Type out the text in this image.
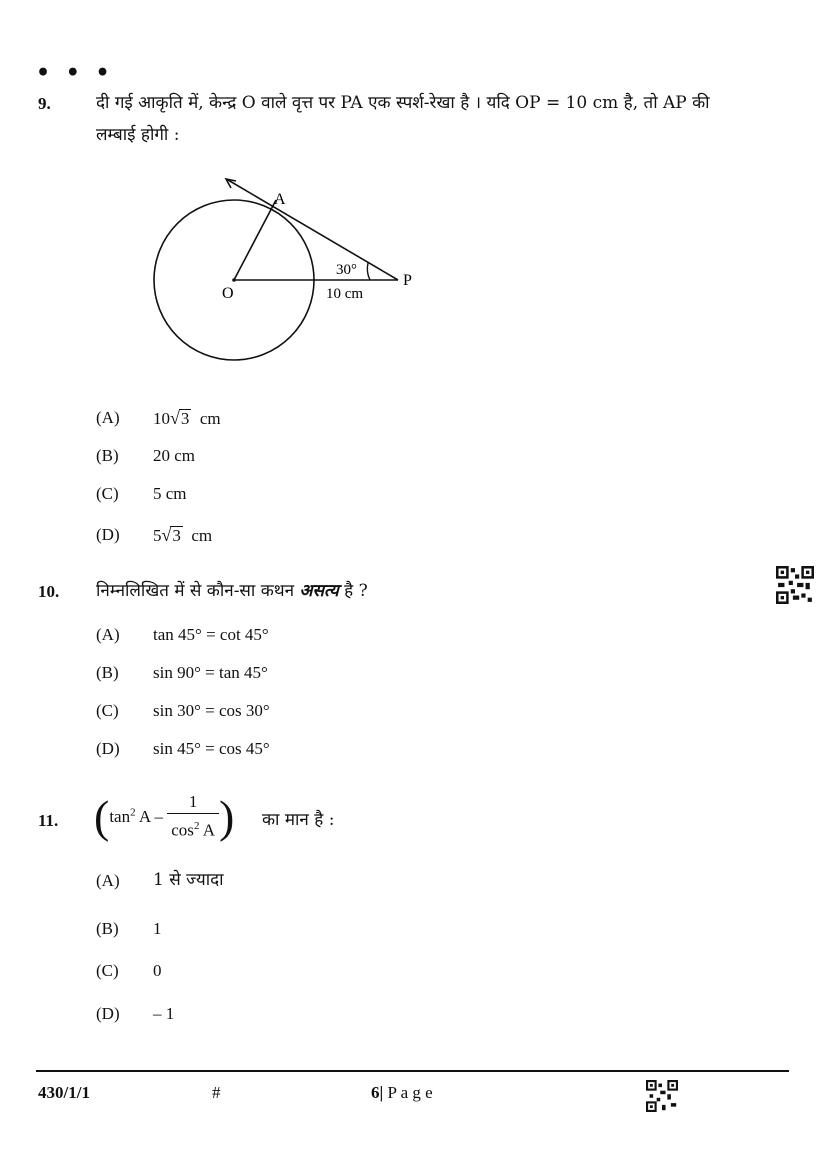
• • •
9.	दी गई आकृति में, केन्द्र O वाले वृत्त पर PA एक स्पर्श-रेखा है । यदि OP = 10 cm है, तो AP की
लम्बाई होगी :
A
O
P
30°
10 cm
(A) 10√3 cm
(B) 20 cm
(C) 5 cm
(D) 5√3 cm
10. निम्नलिखित में से कौन-सा कथन असत्य है ?
(A) tan 45° = cot 45°
(B) sin 90° = tan 45°
(C) sin 30° = cos 30°
(D) sin 45° = cos 45°
11. ($\tan^2$ A – $\frac{1}{\cos^2 A}$ ) का मान है :
(A) 1 से ज्यादा
(B) 1
(C) 0
(D) – 1
430/1/1	#	6| P a g e
